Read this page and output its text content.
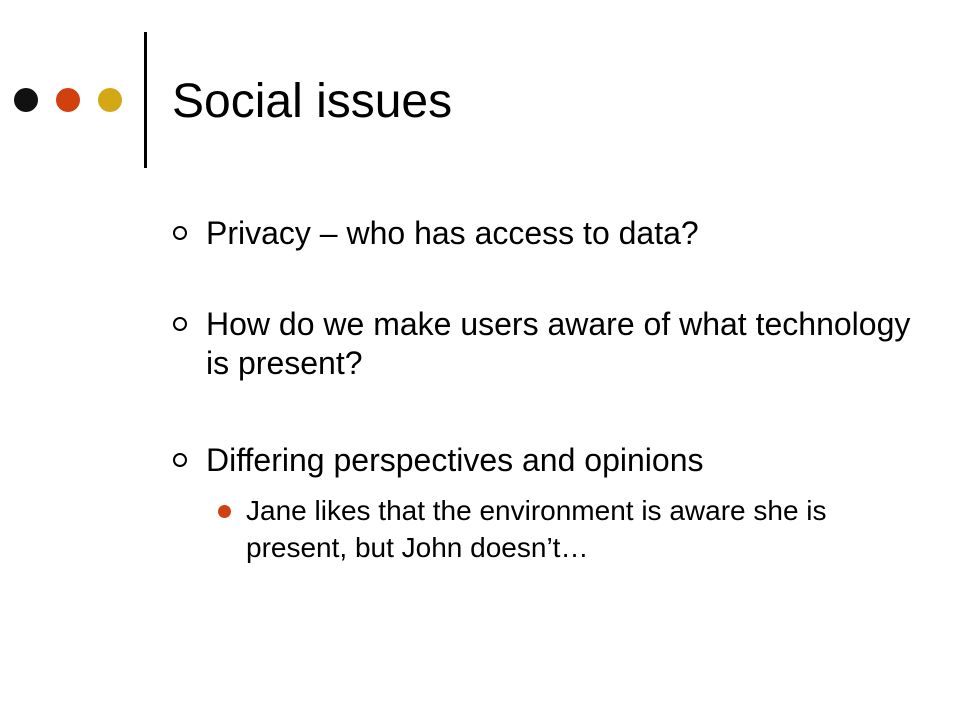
Social issues
Privacy – who has access to data?
How do we make users aware of what technology is present?
Differing perspectives and opinions
Jane likes that the environment is aware she is present, but John doesn’t…
